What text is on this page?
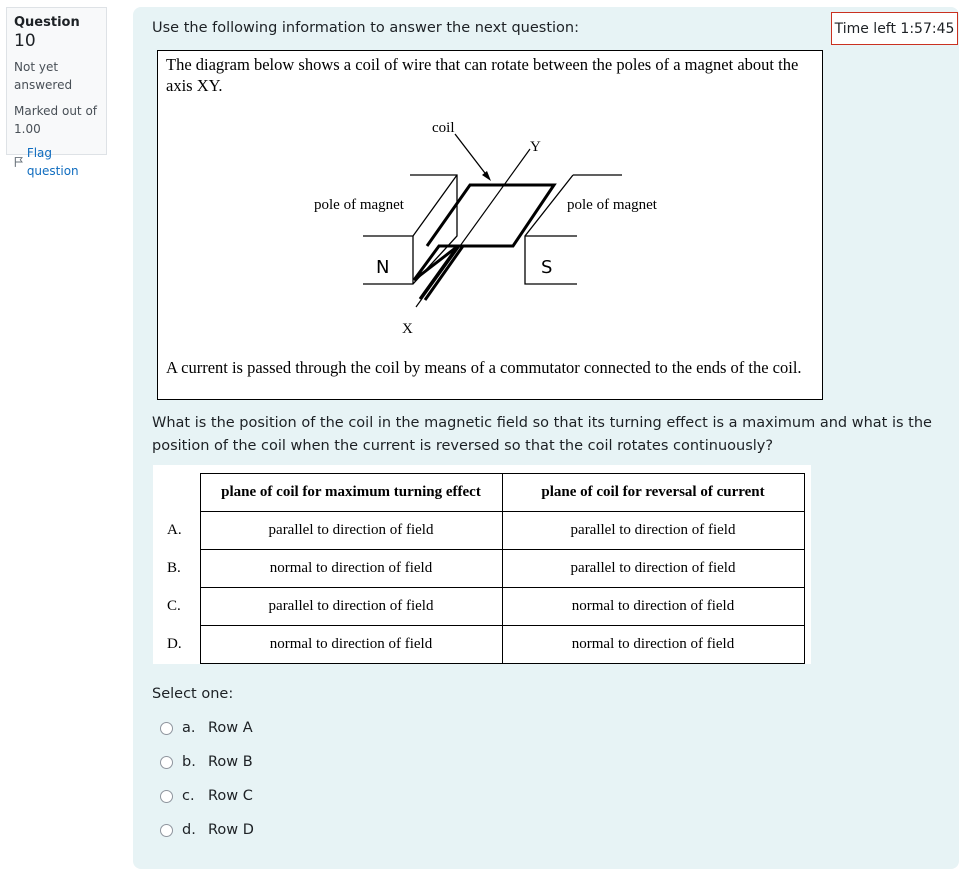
Question 10
Not yet answered
Marked out of 1.00
Flag question
Time left 1:57:45
Use the following information to answer the next question:
The diagram below shows a coil of wire that can rotate between the poles of a magnet about the axis XY.
coil
Y
X
pole of magnet	pole of magnet
N	S
A current is passed through the coil by means of a commutator connected to the ends of the coil.
What is the position of the coil in the magnetic field so that its turning effect is a maximum and what is the position of the coil when the current is reversed so that the coil rotates continuously?
	plane of coil for maximum turning effect	plane of coil for reversal of current
A.	parallel to direction of field	parallel to direction of field
B.	normal to direction of field	parallel to direction of field
C.	parallel to direction of field	normal to direction of field
D.	normal to direction of field	normal to direction of field
Select one:
a. Row A
b. Row B
c. Row C
d. Row D
